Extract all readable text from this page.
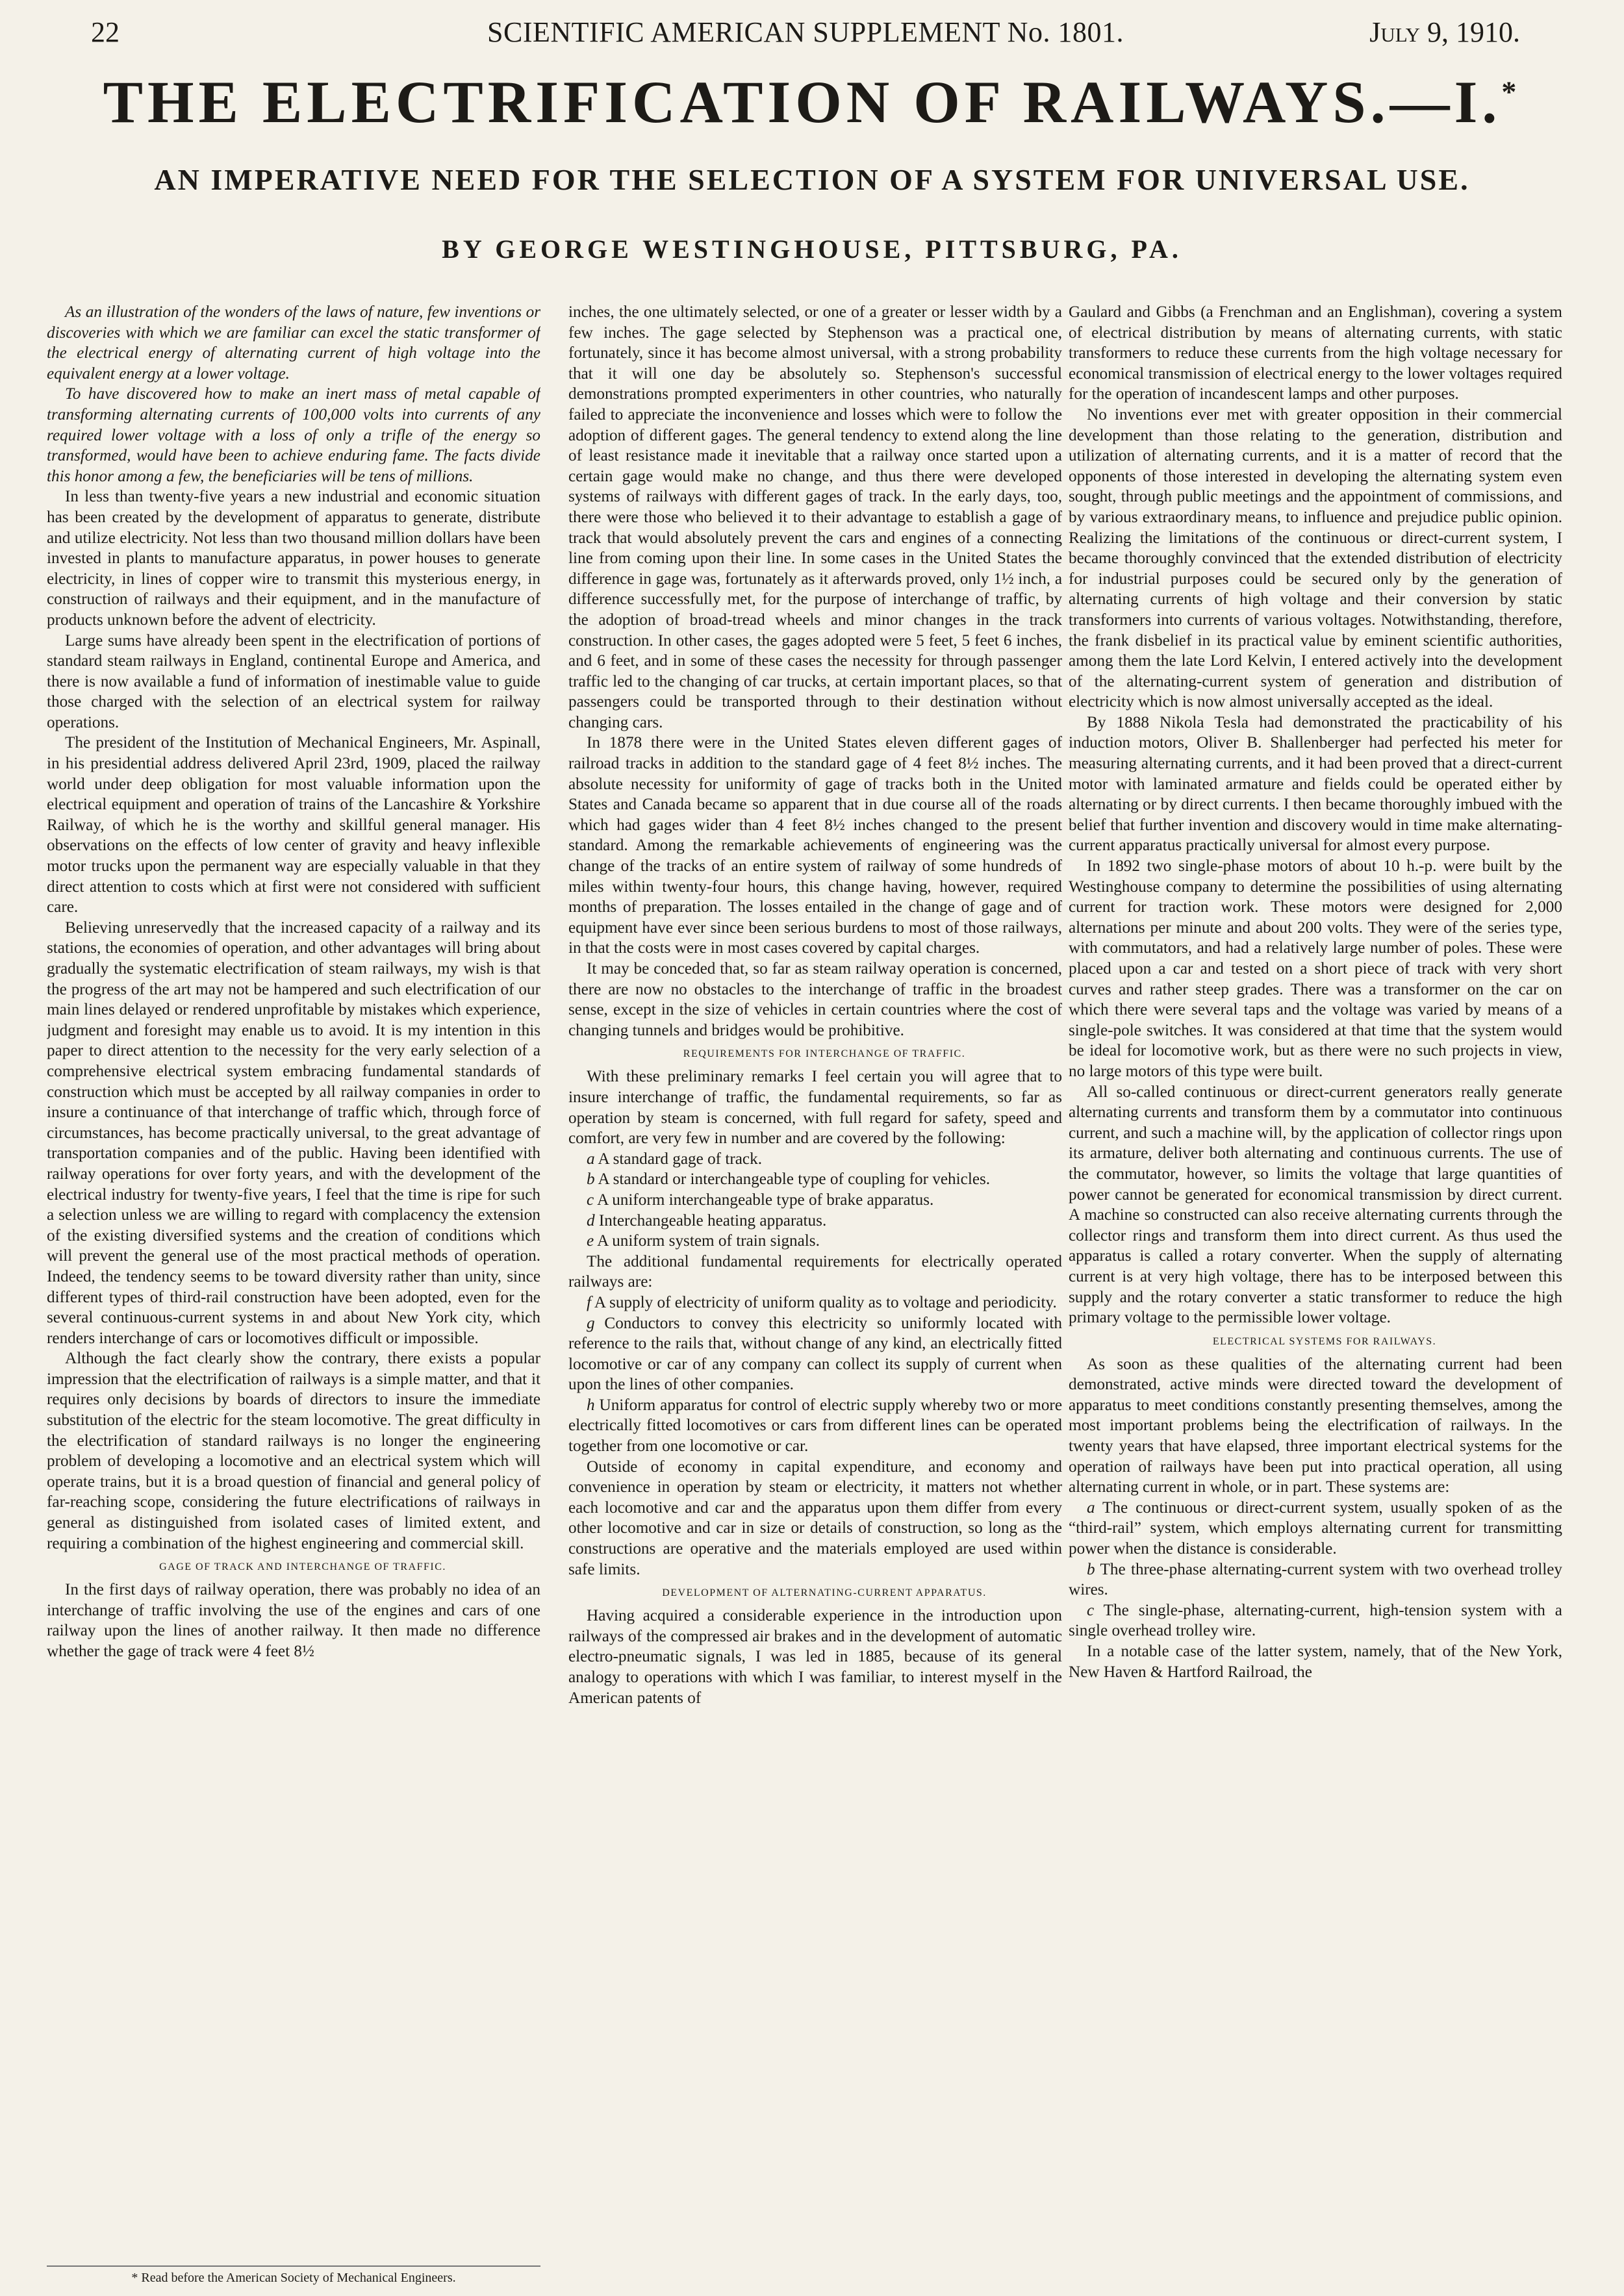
22	SCIENTIFIC AMERICAN SUPPLEMENT No. 1801.	July 9, 1910.
THE ELECTRIFICATION OF RAILWAYS.—I.*
AN IMPERATIVE NEED FOR THE SELECTION OF A SYSTEM FOR UNIVERSAL USE.
BY GEORGE WESTINGHOUSE, PITTSBURG, PA.

As an illustration of the wonders of the laws of nature, few inventions or discoveries with which we are familiar can excel the static transformer of the electrical energy of alternating current of high voltage into the equivalent energy at a lower voltage.

To have discovered how to make an inert mass of metal capable of transforming alternating currents of 100,000 volts into currents of any required lower voltage with a loss of only a trifle of the energy so transformed, would have been to achieve enduring fame. The facts divide this honor among a few, the beneficiaries will be tens of millions.

In less than twenty-five years a new industrial and economic situation has been created by the development of apparatus to generate, distribute and utilize electricity. Not less than two thousand million dollars have been invested in plants to manufacture apparatus, in power houses to generate electricity, in lines of copper wire to transmit this mysterious energy, in construction of railways and their equipment, and in the manufacture of products unknown before the advent of electricity.

Large sums have already been spent in the electrification of portions of standard steam railways in England, continental Europe and America, and there is now available a fund of information of inestimable value to guide those charged with the selection of an electrical system for railway operations.

The president of the Institution of Mechanical Engineers, Mr. Aspinall, in his presidential address delivered April 23rd, 1909, placed the railway world under deep obligation for most valuable information upon the electrical equipment and operation of trains of the Lancashire & Yorkshire Railway, of which he is the worthy and skillful general manager. His observations on the effects of low center of gravity and heavy inflexible motor trucks upon the permanent way are especially valuable in that they direct attention to costs which at first were not considered with sufficient care.

Believing unreservedly that the increased capacity of a railway and its stations, the economies of operation, and other advantages will bring about gradually the systematic electrification of steam railways, my wish is that the progress of the art may not be hampered and such electrification of our main lines delayed or rendered unprofitable by mistakes which experience, judgment and foresight may enable us to avoid. It is my intention in this paper to direct attention to the necessity for the very early selection of a comprehensive electrical system embracing fundamental standards of construction which must be accepted by all railway companies in order to insure a continuance of that interchange of traffic which, through force of circumstances, has become practically universal, to the great advantage of transportation companies and of the public. Having been identified with railway operations for over forty years, and with the development of the electrical industry for twenty-five years, I feel that the time is ripe for such a selection unless we are willing to regard with complacency the extension of the existing diversified systems and the creation of conditions which will prevent the general use of the most practical methods of operation. Indeed, the tendency seems to be toward diversity rather than unity, since different types of third-rail construction have been adopted, even for the several continuous-current systems in and about New York city, which renders interchange of cars or locomotives difficult or impossible.

Although the fact clearly show the contrary, there exists a popular impression that the electrification of railways is a simple matter, and that it requires only decisions by boards of directors to insure the immediate substitution of the electric for the steam locomotive. The great difficulty in the electrification of standard railways is no longer the engineering problem of developing a locomotive and an electrical system which will operate trains, but it is a broad question of financial and general policy of far-reaching scope, considering the future electrifications of railways in general as distinguished from isolated cases of limited extent, and requiring a combination of the highest engineering and commercial skill.

GAGE OF TRACK AND INTERCHANGE OF TRAFFIC.

In the first days of railway operation, there was probably no idea of an interchange of traffic involving the use of the engines and cars of one railway upon the lines of another railway. It then made no difference whether the gage of track were 4 feet 8½

inches, the one ultimately selected, or one of a greater or lesser width by a few inches. The gage selected by Stephenson was a practical one, fortunately, since it has become almost universal, with a strong probability that it will one day be absolutely so. Stephenson's successful demonstrations prompted experimenters in other countries, who naturally failed to appreciate the inconvenience and losses which were to follow the adoption of different gages. The general tendency to extend along the line of least resistance made it inevitable that a railway once started upon a certain gage would make no change, and thus there were developed systems of railways with different gages of track. In the early days, too, there were those who believed it to their advantage to establish a gage of track that would absolutely prevent the cars and engines of a connecting line from coming upon their line. In some cases in the United States the difference in gage was, fortunately as it afterwards proved, only 1½ inch, a difference successfully met, for the purpose of interchange of traffic, by the adoption of broad-tread wheels and minor changes in the track construction. In other cases, the gages adopted were 5 feet, 5 feet 6 inches, and 6 feet, and in some of these cases the necessity for through passenger traffic led to the changing of car trucks, at certain important places, so that passengers could be transported through to their destination without changing cars.

In 1878 there were in the United States eleven different gages of railroad tracks in addition to the standard gage of 4 feet 8½ inches. The absolute necessity for uniformity of gage of tracks both in the United States and Canada became so apparent that in due course all of the roads which had gages wider than 4 feet 8½ inches changed to the present standard. Among the remarkable achievements of engineering was the change of the tracks of an entire system of railway of some hundreds of miles within twenty-four hours, this change having, however, required months of preparation. The losses entailed in the change of gage and of equipment have ever since been serious burdens to most of those railways, in that the costs were in most cases covered by capital charges.

It may be conceded that, so far as steam railway operation is concerned, there are now no obstacles to the interchange of traffic in the broadest sense, except in the size of vehicles in certain countries where the cost of changing tunnels and bridges would be prohibitive.

REQUIREMENTS FOR INTERCHANGE OF TRAFFIC.

With these preliminary remarks I feel certain you will agree that to insure interchange of traffic, the fundamental requirements, so far as operation by steam is concerned, with full regard for safety, speed and comfort, are very few in number and are covered by the following:

a A standard gage of track.

b A standard or interchangeable type of coupling for vehicles.

c A uniform interchangeable type of brake apparatus.

d Interchangeable heating apparatus.

e A uniform system of train signals.

The additional fundamental requirements for electrically operated railways are:

f A supply of electricity of uniform quality as to voltage and periodicity.

g Conductors to convey this electricity so uniformly located with reference to the rails that, without change of any kind, an electrically fitted locomotive or car of any company can collect its supply of current when upon the lines of other companies.

h Uniform apparatus for control of electric supply whereby two or more electrically fitted locomotives or cars from different lines can be operated together from one locomotive or car.

Outside of economy in capital expenditure, and economy and convenience in operation by steam or electricity, it matters not whether each locomotive and car and the apparatus upon them differ from every other locomotive and car in size or details of construction, so long as the constructions are operative and the materials employed are used within safe limits.

DEVELOPMENT OF ALTERNATING-CURRENT APPARATUS.

Having acquired a considerable experience in the introduction upon railways of the compressed air brakes and in the development of automatic electro-pneumatic signals, I was led in 1885, because of its general analogy to operations with which I was familiar, to interest myself in the American patents of

Gaulard and Gibbs (a Frenchman and an Englishman), covering a system of electrical distribution by means of alternating currents, with static transformers to reduce these currents from the high voltage necessary for economical transmission of electrical energy to the lower voltages required for the operation of incandescent lamps and other purposes.

No inventions ever met with greater opposition in their commercial development than those relating to the generation, distribution and utilization of alternating currents, and it is a matter of record that the opponents of those interested in developing the alternating system even sought, through public meetings and the appointment of commissions, and by various extraordinary means, to influence and prejudice public opinion. Realizing the limitations of the continuous or direct-current system, I became thoroughly convinced that the extended distribution of electricity for industrial purposes could be secured only by the generation of alternating currents of high voltage and their conversion by static transformers into currents of various voltages. Notwithstanding, therefore, the frank disbelief in its practical value by eminent scientific authorities, among them the late Lord Kelvin, I entered actively into the development of the alternating-current system of generation and distribution of electricity which is now almost universally accepted as the ideal.

By 1888 Nikola Tesla had demonstrated the practicability of his induction motors, Oliver B. Shallenberger had perfected his meter for measuring alternating currents, and it had been proved that a direct-current motor with laminated armature and fields could be operated either by alternating or by direct currents. I then became thoroughly imbued with the belief that further invention and discovery would in time make alternating-current apparatus practically universal for almost every purpose.

In 1892 two single-phase motors of about 10 h.-p. were built by the Westinghouse company to determine the possibilities of using alternating current for traction work. These motors were designed for 2,000 alternations per minute and about 200 volts. They were of the series type, with commutators, and had a relatively large number of poles. These were placed upon a car and tested on a short piece of track with very short curves and rather steep grades. There was a transformer on the car on which there were several taps and the voltage was varied by means of a single-pole switches. It was considered at that time that the system would be ideal for locomotive work, but as there were no such projects in view, no large motors of this type were built.

All so-called continuous or direct-current generators really generate alternating currents and transform them by a commutator into continuous current, and such a machine will, by the application of collector rings upon its armature, deliver both alternating and continuous currents. The use of the commutator, however, so limits the voltage that large quantities of power cannot be generated for economical transmission by direct current. A machine so constructed can also receive alternating currents through the collector rings and transform them into direct current. As thus used the apparatus is called a rotary converter. When the supply of alternating current is at very high voltage, there has to be interposed between this supply and the rotary converter a static transformer to reduce the high primary voltage to the permissible lower voltage.

ELECTRICAL SYSTEMS FOR RAILWAYS.

As soon as these qualities of the alternating current had been demonstrated, active minds were directed toward the development of apparatus to meet conditions constantly presenting themselves, among the most important problems being the electrification of railways. In the twenty years that have elapsed, three important electrical systems for the operation of railways have been put into practical operation, all using alternating current in whole, or in part. These systems are:

a The continuous or direct-current system, usually spoken of as the “third-rail” system, which employs alternating current for transmitting power when the distance is considerable.

b The three-phase alternating-current system with two overhead trolley wires.

c The single-phase, alternating-current, high-tension system with a single overhead trolley wire.

In a notable case of the latter system, namely, that of the New York, New Haven & Hartford Railroad, the

* Read before the American Society of Mechanical Engineers.
